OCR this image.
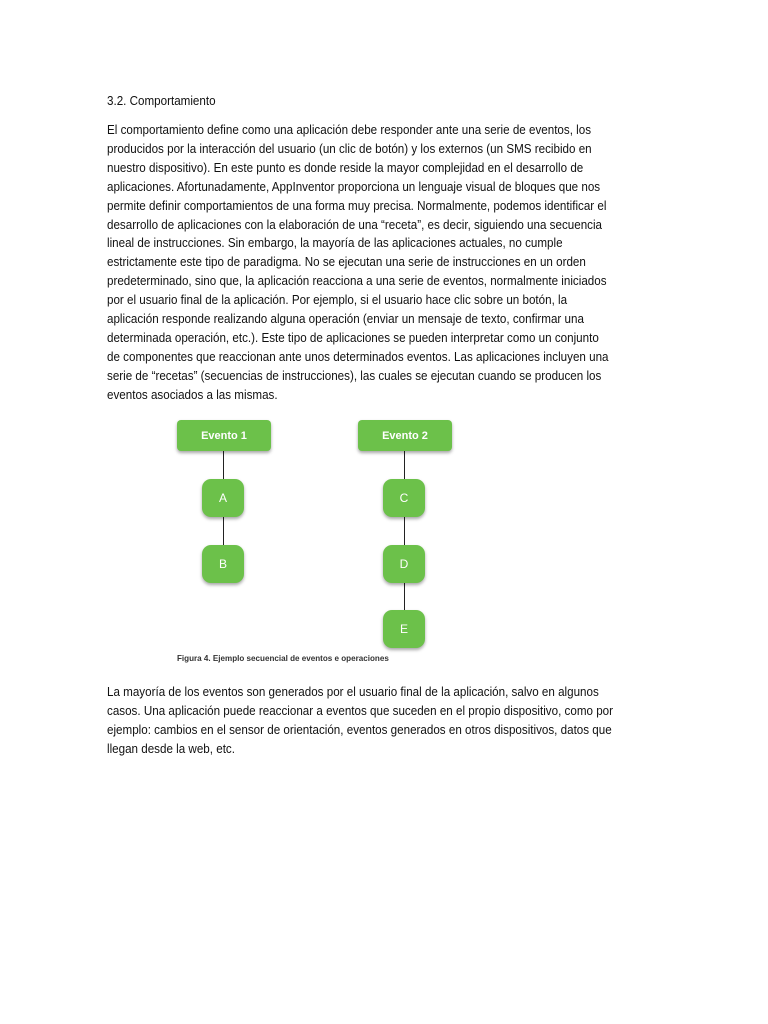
3.2. Comportamiento
El comportamiento define como una aplicación debe responder ante una serie de eventos, los
producidos por la interacción del usuario (un clic de botón) y los externos (un SMS recibido en
nuestro dispositivo). En este punto es donde reside la mayor complejidad en el desarrollo de
aplicaciones. Afortunadamente, AppInventor proporciona un lenguaje visual de bloques que nos
permite definir comportamientos de una forma muy precisa. Normalmente, podemos identificar el
desarrollo de aplicaciones con la elaboración de una “receta”, es decir, siguiendo una secuencia
lineal de instrucciones. Sin embargo, la mayoría de las aplicaciones actuales, no cumple
estrictamente este tipo de paradigma. No se ejecutan una serie de instrucciones en un orden
predeterminado, sino que, la aplicación reacciona a una serie de eventos, normalmente iniciados
por el usuario final de la aplicación. Por ejemplo, si el usuario hace clic sobre un botón, la
aplicación responde realizando alguna operación (enviar un mensaje de texto, confirmar una
determinada operación, etc.). Este tipo de aplicaciones se pueden interpretar como un conjunto
de componentes que reaccionan ante unos determinados eventos. Las aplicaciones incluyen una
serie de “recetas” (secuencias de instrucciones), las cuales se ejecutan cuando se producen los
eventos asociados a las mismas.
Evento 1	Evento 2
A
B
C
D
E
Figura 4. Ejemplo secuencial de eventos e operaciones
La mayoría de los eventos son generados por el usuario final de la aplicación, salvo en algunos
casos. Una aplicación puede reaccionar a eventos que suceden en el propio dispositivo, como por
ejemplo: cambios en el sensor de orientación, eventos generados en otros dispositivos, datos que
llegan desde la web, etc.
